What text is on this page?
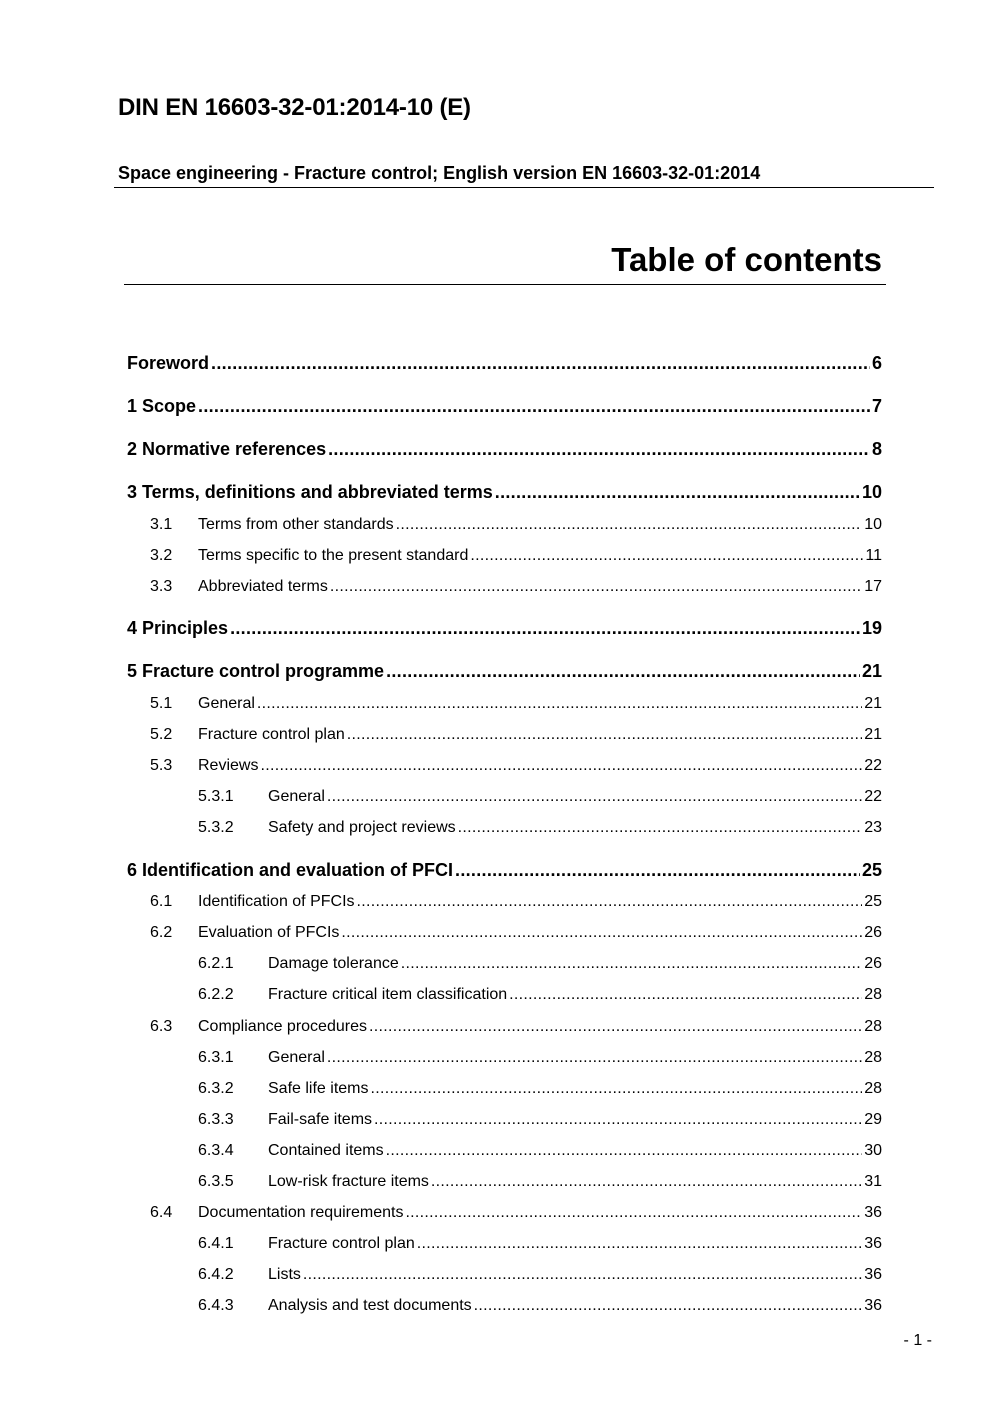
DIN EN 16603-32-01:2014-10 (E)
Space engineering - Fracture control; English version EN 16603-32-01:2014
Table of contents
Foreword .....	6
1 Scope .....	7
2 Normative references .....	8
3 Terms, definitions and abbreviated terms .....	10
3.1	Terms from other standards .....	10
3.2	Terms specific to the present standard .....	11
3.3	Abbreviated terms .....	17
4 Principles .....	19
5 Fracture control programme .....	21
5.1	General .....	21
5.2	Fracture control plan .....	21
5.3	Reviews .....	22
5.3.1	General .....	22
5.3.2	Safety and project reviews .....	23
6 Identification and evaluation of PFCI .....	25
6.1	Identification of PFCIs .....	25
6.2	Evaluation of PFCIs .....	26
6.2.1	Damage tolerance .....	26
6.2.2	Fracture critical item classification .....	28
6.3	Compliance procedures .....	28
6.3.1	General .....	28
6.3.2	Safe life items .....	28
6.3.3	Fail-safe items .....	29
6.3.4	Contained items .....	30
6.3.5	Low-risk fracture items .....	31
6.4	Documentation requirements .....	36
6.4.1	Fracture control plan .....	36
6.4.2	Lists .....	36
6.4.3	Analysis and test documents .....	36
- 1 -
